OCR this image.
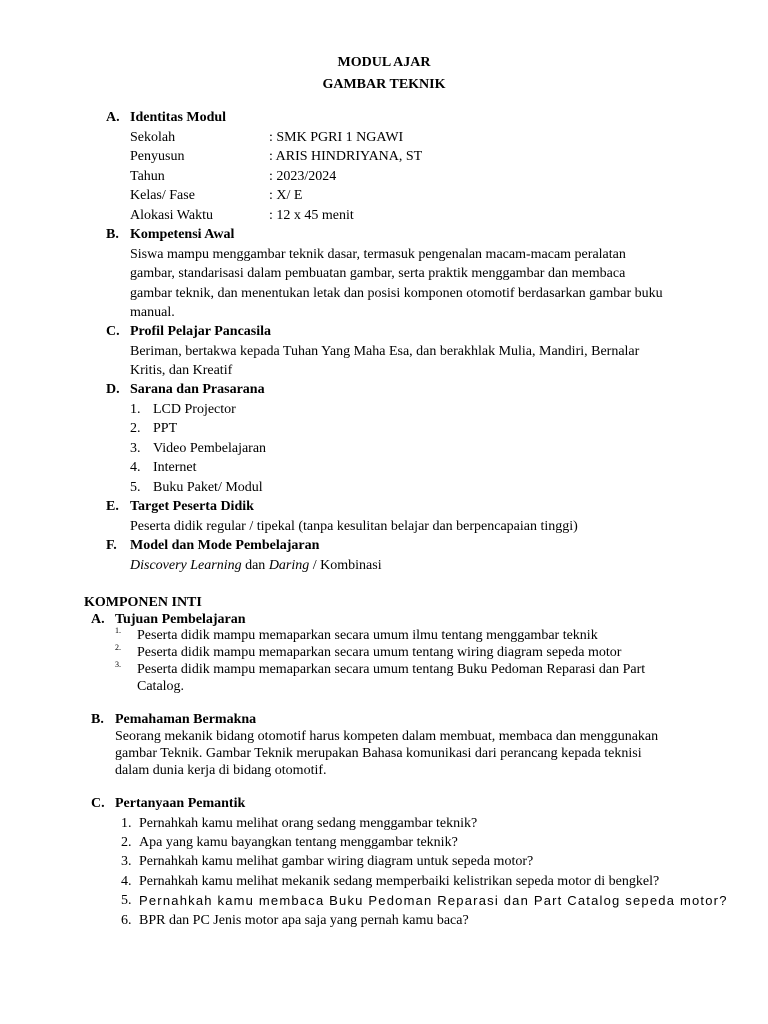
MODUL AJAR
GAMBAR TEKNIK
A. Identitas Modul
Sekolah	: SMK PGRI 1 NGAWI
Penyusun	: ARIS HINDRIYANA, ST
Tahun	: 2023/2024
Kelas/ Fase	: X/ E
Alokasi Waktu	: 12 x 45 menit
B. Kompetensi Awal
Siswa mampu menggambar teknik dasar, termasuk pengenalan macam-macam peralatan
gambar, standarisasi dalam pembuatan gambar, serta praktik menggambar dan membaca
gambar teknik, dan menentukan letak dan posisi komponen otomotif berdasarkan gambar buku
manual.
C. Profil Pelajar Pancasila
Beriman, bertakwa kepada Tuhan Yang Maha Esa, dan berakhlak Mulia, Mandiri, Bernalar
Kritis, dan Kreatif
D. Sarana dan Prasarana
1. LCD Projector
2. PPT
3. Video Pembelajaran
4. Internet
5. Buku Paket/ Modul
E. Target Peserta Didik
Peserta didik regular / tipekal (tanpa kesulitan belajar dan berpencapaian tinggi)
F. Model dan Mode Pembelajaran
Discovery Learning dan Daring / Kombinasi
KOMPONEN INTI
A. Tujuan Pembelajaran
1. Peserta didik mampu memaparkan secara umum ilmu tentang menggambar teknik
2. Peserta didik mampu memaparkan secara umum tentang wiring diagram sepeda motor
3. Peserta didik mampu memaparkan secara umum tentang Buku Pedoman Reparasi dan Part
Catalog.
B. Pemahaman Bermakna
Seorang mekanik bidang otomotif harus kompeten dalam membuat, membaca dan menggunakan
gambar Teknik. Gambar Teknik merupakan Bahasa komunikasi dari perancang kepada teknisi
dalam dunia kerja di bidang otomotif.
C. Pertanyaan Pemantik
1. Pernahkah kamu melihat orang sedang menggambar teknik?
2. Apa yang kamu bayangkan tentang menggambar teknik?
3. Pernahkah kamu melihat gambar wiring diagram untuk sepeda motor?
4. Pernahkah kamu melihat mekanik sedang memperbaiki kelistrikan sepeda motor di bengkel?
5. Pernahkah kamu membaca Buku Pedoman Reparasi dan Part Catalog sepeda motor?
6. BPR dan PC Jenis motor apa saja yang pernah kamu baca?
